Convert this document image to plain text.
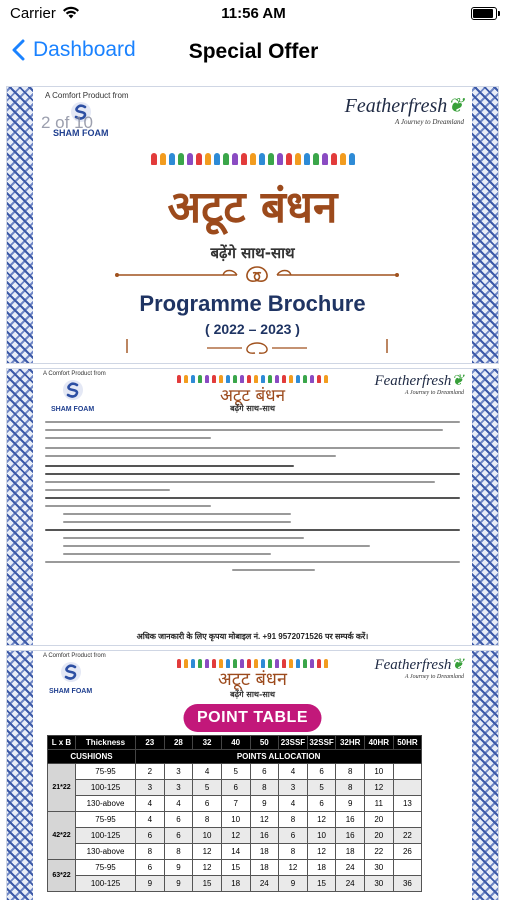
Carrier	11:56 AM
Dashboard	Special Offer
A Comfort Product from
SHAM FOAM
Featherfresh❦
A Journey to Dreamland
अटूट बंधन
बढ़ेंगे साथ-साथ
Programme Brochure
( 2022 – 2023 )
2 of 10
A Comfort Product from
SHAM FOAM
अटूट बंधन
बढ़ेंगे साथ-साथ
Featherfresh❦
A Journey to Dreamland
अधिक जानकारी के लिए कृपया मोबाइल नं. +91 9572071526 पर सम्पर्क करें।
A Comfort Product from
SHAM FOAM
अटूट बंधन
बढ़ेंगे साथ-साथ
Featherfresh❦
A Journey to Dreamland
POINT TABLE
L x B	Thickness	23	28	32	40	50	23SSF	32SSF	32HR	40HR	50HR
CUSHIONS		POINTS ALLOCATION									
21*22	75-95	2	3	4	5	6	4	6	8	10	
	100-125	3	3	5	6	8	3	5	8	12	
	130-above	4	4	6	7	9	4	6	9	11	13
42*22	75-95	4	6	8	10	12	8	12	16	20	
	100-125	6	6	10	12	16	6	10	16	20	22
	130-above	8	8	12	14	18	8	12	18	22	26
63*22	75-95	6	9	12	15	18	12	18	24	30	
	100-125	9	9	15	18	24	9	15	24	30	36
